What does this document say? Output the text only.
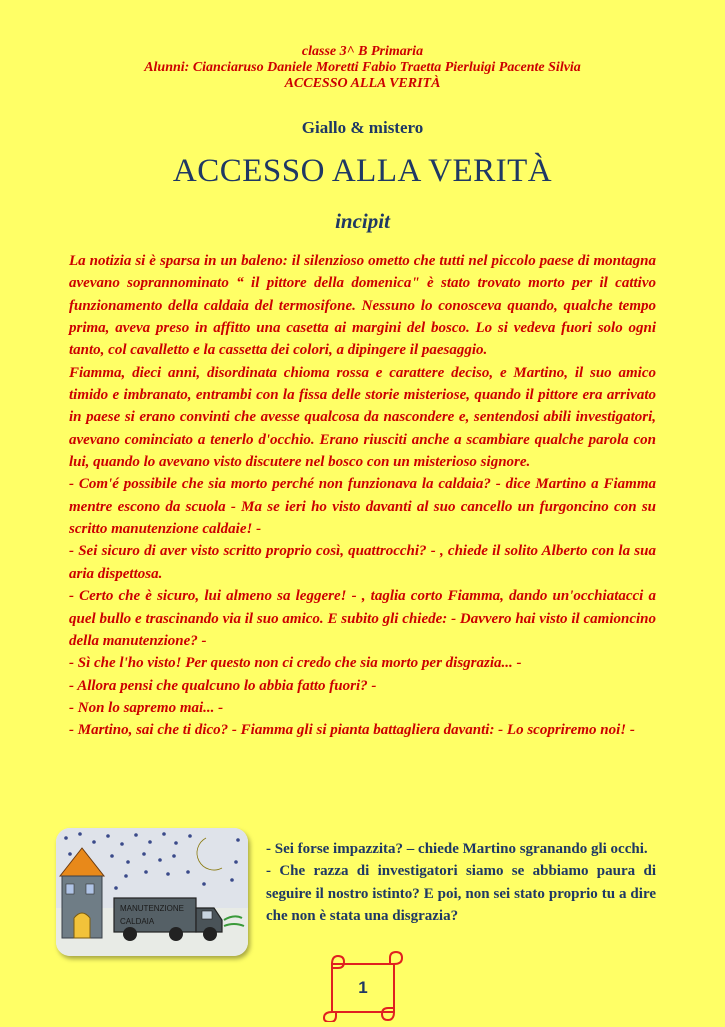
classe 3^ B Primaria
Alunni: Cianciaruso Daniele Moretti Fabio Traetta Pierluigi Pacente Silvia
ACCESSO ALLA VERITÀ
Giallo & mistero
ACCESSO ALLA VERITÀ
incipit

La notizia si è sparsa in un baleno: il silenzioso ometto che tutti nel piccolo paese di montagna avevano soprannominato “ il pittore della domenica" è stato trovato morto per il cattivo funzionamento della caldaia del termosifone. Nessuno lo conosceva quando, qualche tempo prima, aveva preso in affitto una casetta ai margini del bosco. Lo si vedeva fuori solo ogni tanto, col cavalletto e la cassetta dei colori, a dipingere il paesaggio.

Fiamma, dieci anni, disordinata chioma rossa e carattere deciso, e Martino, il suo amico timido e imbranato, entrambi con la fissa delle storie misteriose, quando il pittore era arrivato in paese si erano convinti che avesse qualcosa da nascondere e, sentendosi abili investigatori, avevano cominciato a tenerlo d'occhio. Erano riusciti anche a scambiare qualche parola con lui, quando lo avevano visto discutere nel bosco con un misterioso signore.

- Com'é possibile che sia morto perché non funzionava la caldaia? - dice Martino a Fiamma mentre escono da scuola - Ma se ieri ho visto davanti al suo cancello un furgoncino con su scritto manutenzione caldaie! -

- Sei sicuro di aver visto scritto proprio così, quattrocchi? - , chiede il solito Alberto con la sua aria dispettosa.

- Certo che è sicuro, lui almeno sa leggere! - , taglia corto Fiamma, dando un'occhiatacci a quel bullo e trascinando via il suo amico. E subito gli chiede: - Davvero hai visto il camioncino della manutenzione? -

- Sì che l'ho visto! Per questo non ci credo che sia morto per disgrazia... -

- Allora pensi che qualcuno lo abbia fatto fuori? -

- Non lo sapremo mai... -

- Martino, sai che ti dico? - Fiamma gli si pianta battagliera davanti: - Lo scopriremo noi! -

MANUTENZIONE
CALDAIA

- Sei forse impazzita? – chiede Martino sgranando gli occhi.

- Che razza di investigatori siamo se abbiamo paura di seguire il nostro istinto? E poi, non sei stato proprio tu a dire che non è stata una disgrazia?

1
